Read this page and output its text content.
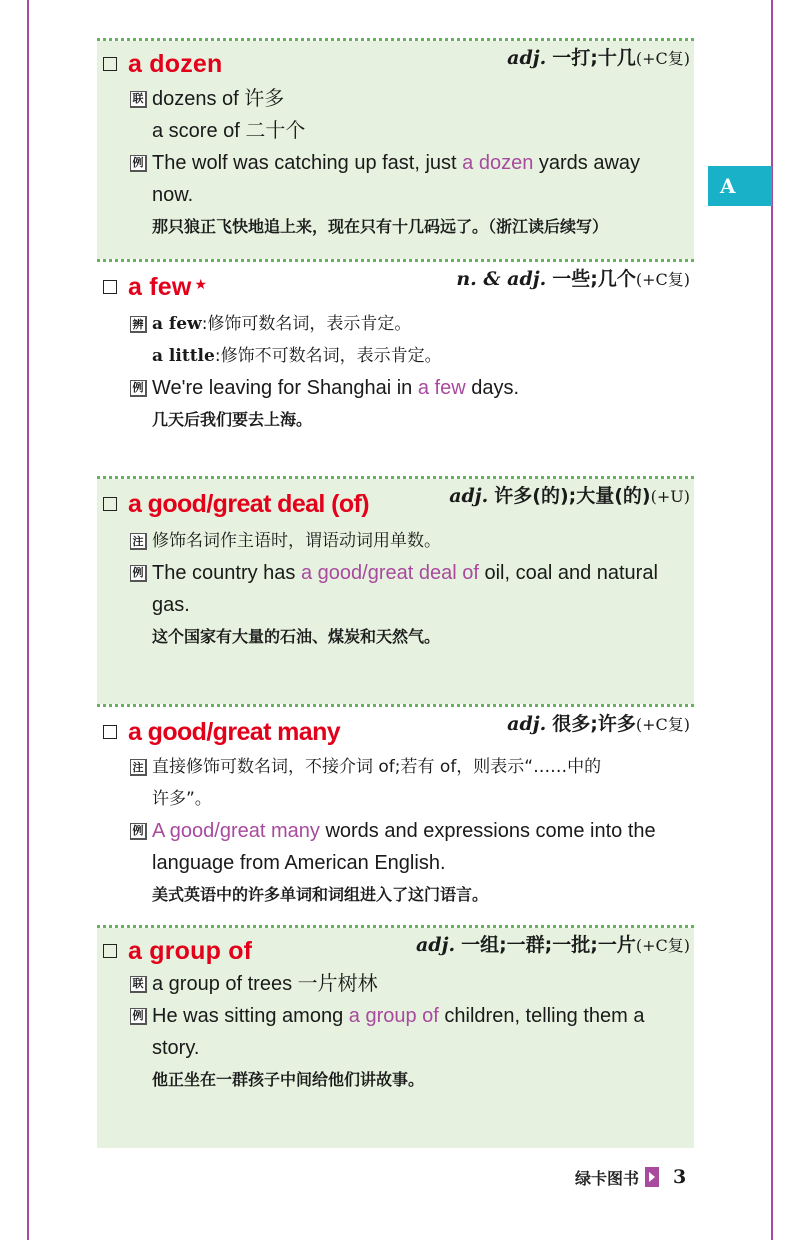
A
a dozen	adj. 一打;十几(+C复)
联 dozens of 许多
a score of 二十个
例 The wolf was catching up fast, just a dozen yards away
now.
那只狼正飞快地追上来，现在只有十几码远了。（浙江读后续写）
a few ★	n. & adj. 一些;几个(+C复)
辨 a few:修饰可数名词，表示肯定。
a little:修饰不可数名词，表示肯定。
例 We're leaving for Shanghai in a few days.
几天后我们要去上海。
a good/great deal (of)	adj. 许多(的);大量(的)(+U)
注 修饰名词作主语时，谓语动词用单数。
例 The country has a good/great deal of oil, coal and natural
gas.
这个国家有大量的石油、煤炭和天然气。
a good/great many	adj. 很多;许多(+C复)
注 直接修饰可数名词，不接介词 of;若有 of，则表示“……中的
许多”。
例 A good/great many words and expressions come into the
language from American English.
美式英语中的许多单词和词组进入了这门语言。
a group of	adj. 一组;一群;一批;一片(+C复)
联 a group of trees 一片树林
例 He was sitting among a group of children, telling them a
story.
他正坐在一群孩子中间给他们讲故事。
绿卡图书 3
